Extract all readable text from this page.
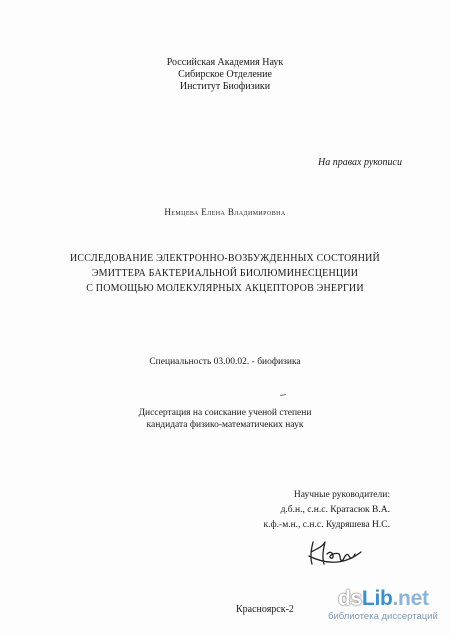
Российская Академия Наук
Сибирское Отделение
Институт Биофизики
На правах рукописи
Немцева Елена Владимировна
ИССЛЕДОВАНИЕ ЭЛЕКТРОННО-ВОЗБУЖДЕННЫХ СОСТОЯНИЙ
ЭМИТТЕРА БАКТЕРИАЛЬНОЙ БИОЛЮМИНЕСЦЕНЦИИ
С ПОМОЩЬЮ МОЛЕКУЛЯРНЫХ АКЦЕПТОРОВ ЭНЕРГИИ
Специальность 03.00.02. - биофизика
Диссертация на соискание ученой степени
кандидата физико-математичеких наук
Научные руководители:
д.б.н., с.н.с. Кратасюк В.А.
к.ф.-м.н., с.н.с. Кудряшева Н.С.
Красноярск-2 dsLib.net
библиотека диссертаций
